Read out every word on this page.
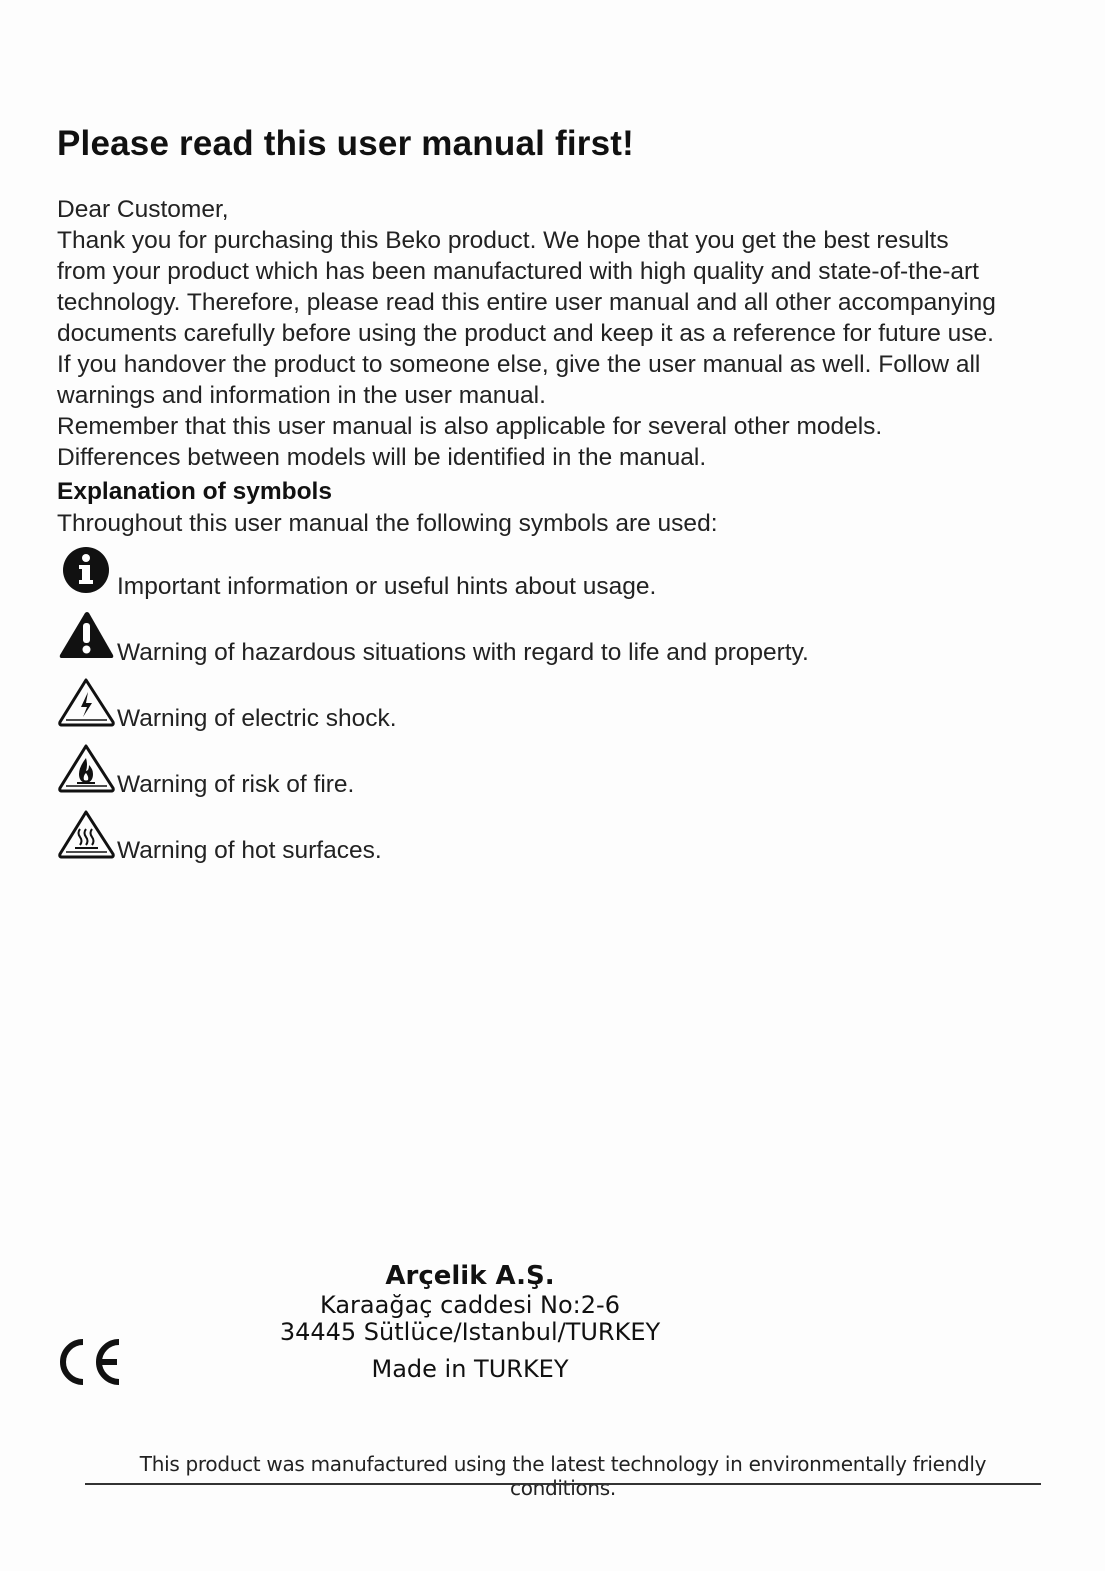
Please read this user manual first!
Dear Customer,
Thank you for purchasing this Beko product. We hope that you get the best results
from your product which has been manufactured with high quality and state-of-the-art
technology. Therefore, please read this entire user manual and all other accompanying
documents carefully before using the product and keep it as a reference for future use.
If you handover the product to someone else, give the user manual as well. Follow all
warnings and information in the user manual.
Remember that this user manual is also applicable for several other models.
Differences between models will be identified in the manual.
Explanation of symbols
Throughout this user manual the following symbols are used:
Important information or useful hints about usage.
Warning of hazardous situations with regard to life and property.
Warning of electric shock.
Warning of risk of fire.
Warning of hot surfaces.
Arçelik A.Ş.
Karaağaç caddesi No:2-6
34445 Sütlüce/Istanbul/TURKEY
Made in TURKEY
This product was manufactured using the latest technology in environmentally friendly conditions.
